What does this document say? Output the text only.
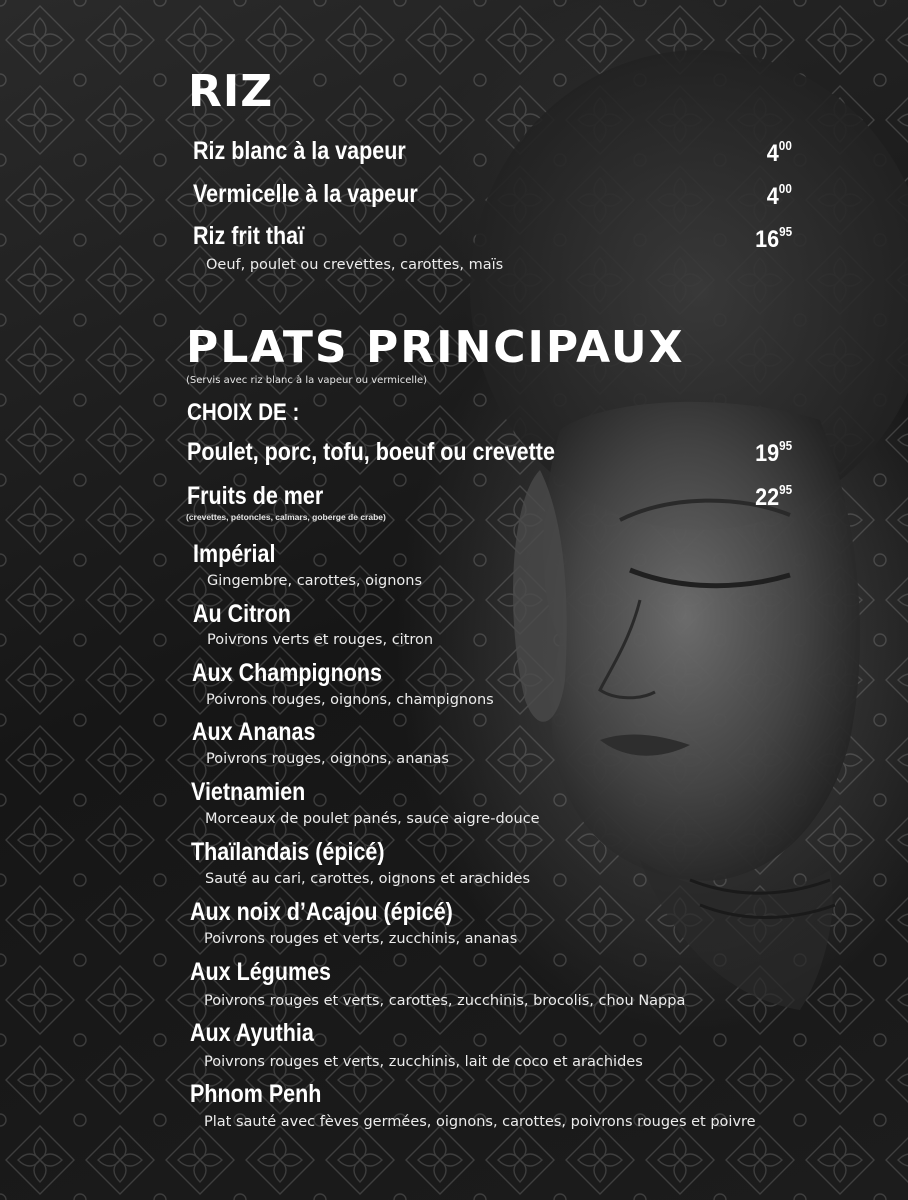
RIZ
Riz blanc à la vapeur	$4^{00}$
Vermicelle à la vapeur	$4^{00}$
Riz frit thaï	$16^{95}$
Oeuf, poulet ou crevettes, carottes, maïs
PLATS PRINCIPAUX
(Servis avec riz blanc à la vapeur ou vermicelle)
CHOIX DE :
Poulet, porc, tofu, boeuf ou crevette	$19^{95}$
Fruits de mer	$22^{95}$
(crevettes, pétoncles, calmars, goberge de crabe)
Impérial
Gingembre, carottes, oignons
Au Citron
Poivrons verts et rouges, citron
Aux Champignons
Poivrons rouges, oignons, champignons
Aux Ananas
Poivrons rouges, oignons, ananas
Vietnamien
Morceaux de poulet panés, sauce aigre-douce
Thaïlandais (épicé)
Sauté au cari, carottes, oignons et arachides
Aux noix d’Acajou (épicé)
Poivrons rouges et verts, zucchinis, ananas
Aux Légumes
Poivrons rouges et verts, carottes, zucchinis, brocolis, chou Nappa
Aux Ayuthia
Poivrons rouges et verts, zucchinis, lait de coco et arachides
Phnom Penh
Plat sauté avec fèves germées, oignons, carottes, poivrons rouges et poivre
